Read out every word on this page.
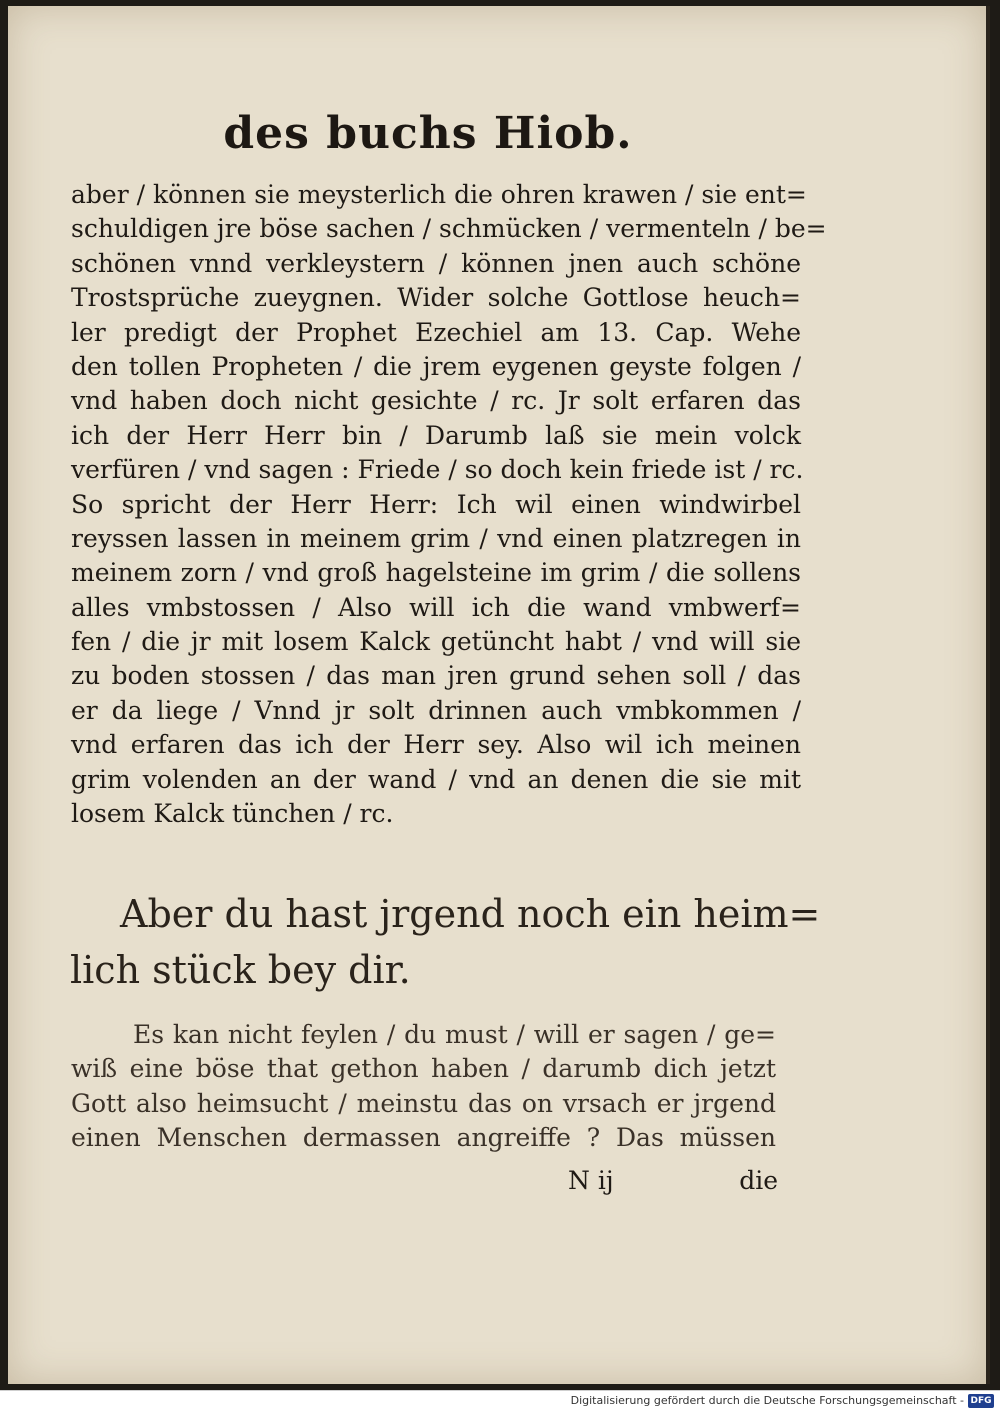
des buchs Hiob.
aber / können sie meysterlich die ohren krawen / sie ent=
schuldigen jre böse sachen / schmücken / vermenteln / be=
schönen vnnd verkleystern / können jnen auch schöne
Trostsprüche zueygnen. Wider solche Gottlose heuch=
ler predigt der Prophet Ezechiel am 13. Cap. Wehe
den tollen Propheten / die jrem eygenen geyste folgen /
vnd haben doch nicht gesichte / rc. Jr solt erfaren das
ich der Herr Herr bin / Darumb laß sie mein volck
verfüren / vnd sagen : Friede / so doch kein friede ist / rc.
So spricht der Herr Herr: Ich wil einen windwirbel
reyssen lassen in meinem grim / vnd einen platzregen in
meinem zorn / vnd groß hagelsteine im grim / die sollens
alles vmbstossen / Also will ich die wand vmbwerf=
fen / die jr mit losem Kalck getüncht habt / vnd will sie
zu boden stossen / das man jren grund sehen soll / das
er da liege / Vnnd jr solt drinnen auch vmbkommen /
vnd erfaren das ich der Herr sey. Also wil ich meinen
grim volenden an der wand / vnd an denen die sie mit
losem Kalck tünchen / rc.
Aber du hast jrgend noch ein heim=
lich stück bey dir.
Es kan nicht feylen / du must / will er sagen / ge=
wiß eine böse that gethon haben / darumb dich jetzt
Gott also heimsucht / meinstu das on vrsach er jrgend
einen Menschen dermassen angreiffe ? Das müssen
N ij	die
Digitalisierung gefördert durch die Deutsche Forschungsgemeinschaft - DFG
